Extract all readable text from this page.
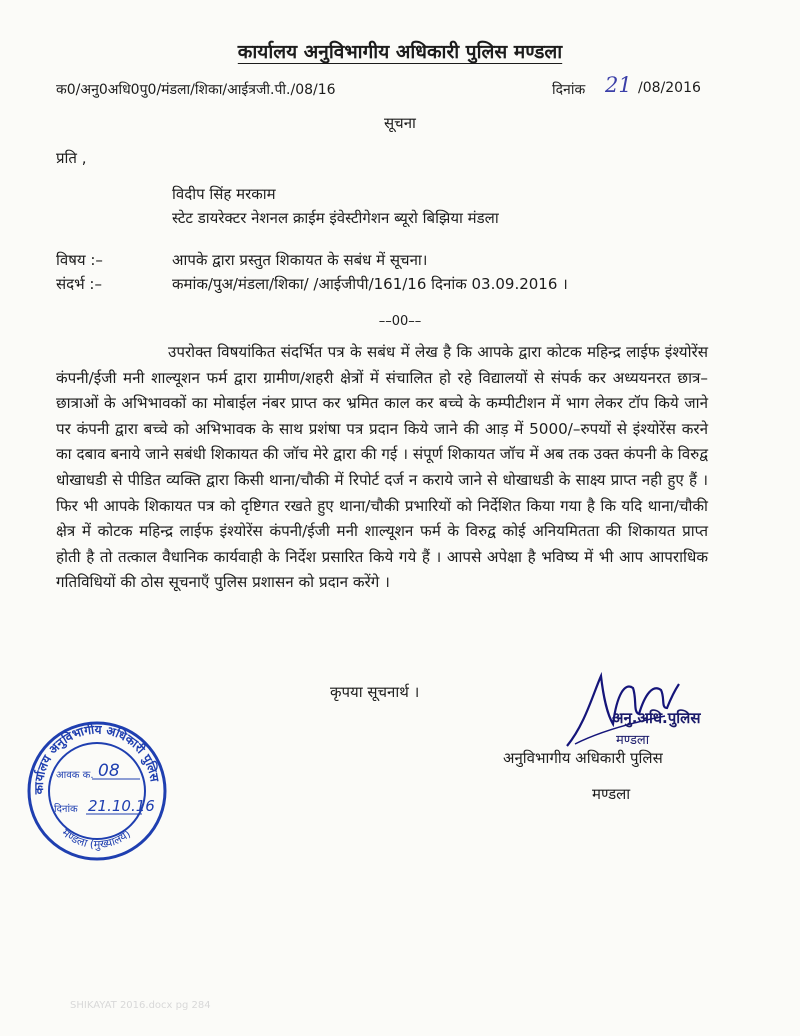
कार्यालय अनुविभागीय अधिकारी पुलिस मण्डला
क0/अनु0अधि0पु0/मंडला/शिका/आईत्रजी.पी./08/16	दिनांक 21 /08/2016
सूचना
प्रति ,
विदीप सिंह मरकाम
स्टेट डायरेक्टर नेशनल क्राईम इंवेस्टीगेशन ब्यूरो बिझिया मंडला
विषय :–	आपके द्वारा प्रस्तुत शिकायत के सबंध में सूचना।
संदर्भ :–	कमांक/पुअ/मंडला/शिका/ /आईजीपी/161/16 दिनांक 03.09.2016 ।
––00––
उपरोक्त विषयांकित संदर्भित पत्र के सबंध में लेख है कि आपके द्वारा कोटक महिन्द्र लाईफ इंश्योरेंस कंपनी/ईजी मनी शाल्यूशन फर्म द्वारा ग्रामीण/शहरी क्षेत्रों में संचालित हो रहे विद्यालयों से संपर्क कर अध्ययनरत छात्र–छात्राओं के अभिभावकों का मोबाईल नंबर प्राप्त कर भ्रमित काल कर बच्चे के कम्पीटीशन में भाग लेकर टॉप किये जाने पर कंपनी द्वारा बच्चे को अभिभावक के साथ प्रशंषा पत्र प्रदान किये जाने की आड़ में 5000/–रुपयों से इंश्योरेंस करने का दबाव बनाये जाने सबंधी शिकायत की जॉच मेरे द्वारा की गई । संपूर्ण शिकायत जॉच में अब तक उक्त कंपनी के विरुद्व धोखाधडी से पीडित व्यक्ति द्वारा किसी थाना/चौकी में रिपोर्ट दर्ज न कराये जाने से धोखाधडी के साक्ष्य प्राप्त नही हुए हैं । फिर भी आपके शिकायत पत्र को दृष्टिगत रखते हुए थाना/चौकी प्रभारियों को निर्देशित किया गया है कि यदि थाना/चौकी क्षेत्र में कोटक महिन्द्र लाईफ इंश्योरेंस कंपनी/ईजी मनी शाल्यूशन फर्म के विरुद्व कोई अनियमितता की शिकायत प्राप्त होती है तो तत्काल वैधानिक कार्यवाही के निर्देश प्रसारित किये गये हैं । आपसे अपेक्षा है भविष्य में भी आप आपराधिक गतिविधियों की ठोस सूचनाएँ पुलिस प्रशासन को प्रदान करेंगे ।
कृपया सूचनार्थ ।
अनु.अधि.पुलिस
मण्डला
अनुविभागीय अधिकारी पुलिस
मण्डला
कार्यालय अनुविभागीय अधिकारी पुलिस
मण्डला (मुख्यालय)
आवक क. 08
दिनांक 21.10.16
SHIKAYAT 2016.docx pg 284
